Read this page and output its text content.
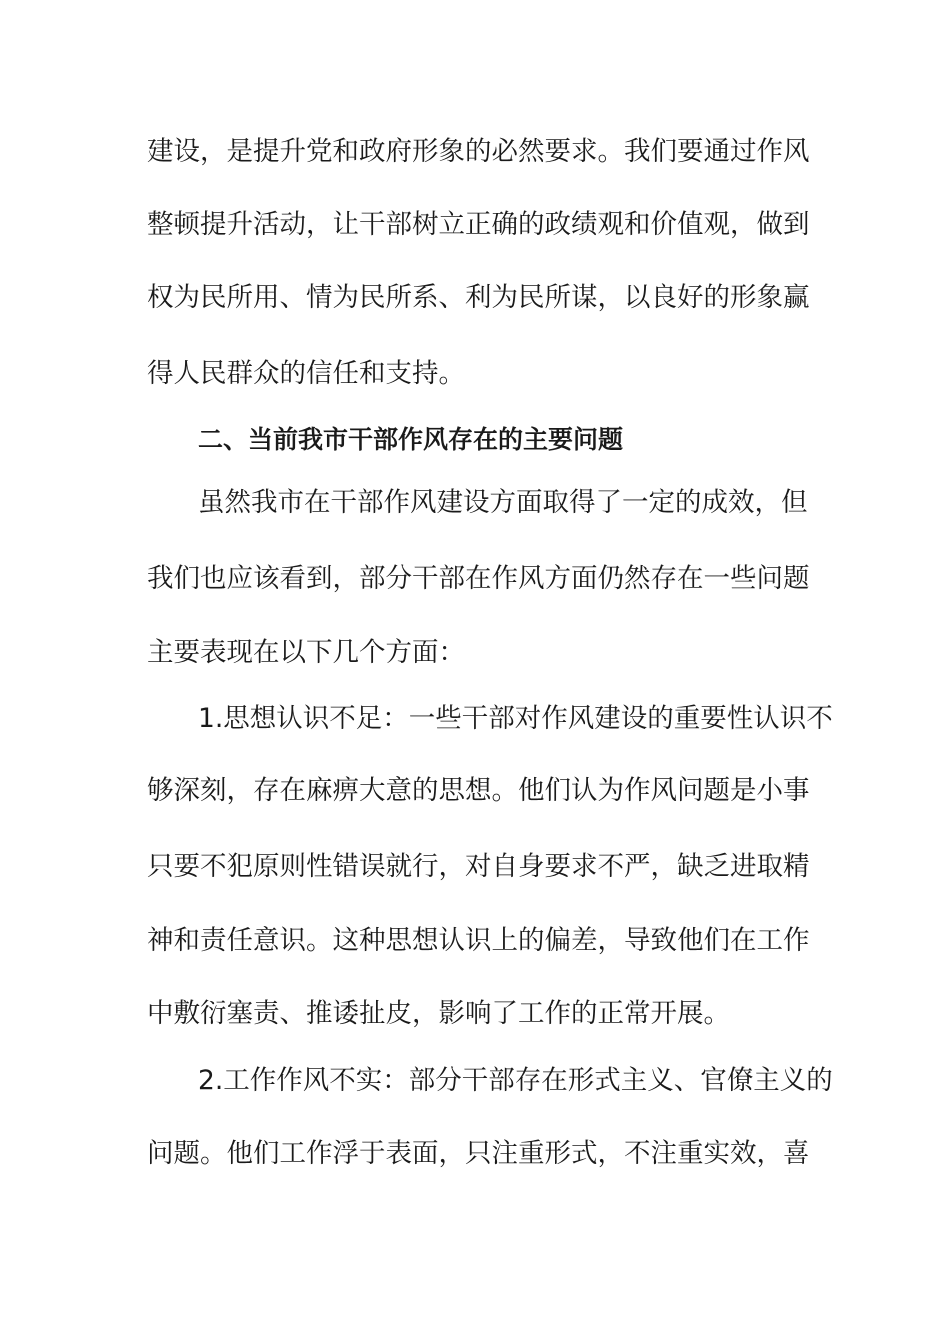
建设，是提升党和政府形象的必然要求。我们要通过作风
整顿提升活动，让干部树立正确的政绩观和价值观，做到
权为民所用、情为民所系、利为民所谋，以良好的形象赢
得人民群众的信任和支持。
二、当前我市干部作风存在的主要问题
虽然我市在干部作风建设方面取得了一定的成效，但
我们也应该看到，部分干部在作风方面仍然存在一些问题
主要表现在以下几个方面：
1.思想认识不足：一些干部对作风建设的重要性认识不
够深刻，存在麻痹大意的思想。他们认为作风问题是小事
只要不犯原则性错误就行，对自身要求不严，缺乏进取精
神和责任意识。这种思想认识上的偏差，导致他们在工作
中敷衍塞责、推诿扯皮，影响了工作的正常开展。
2.工作作风不实：部分干部存在形式主义、官僚主义的
问题。他们工作浮于表面，只注重形式，不注重实效，喜
